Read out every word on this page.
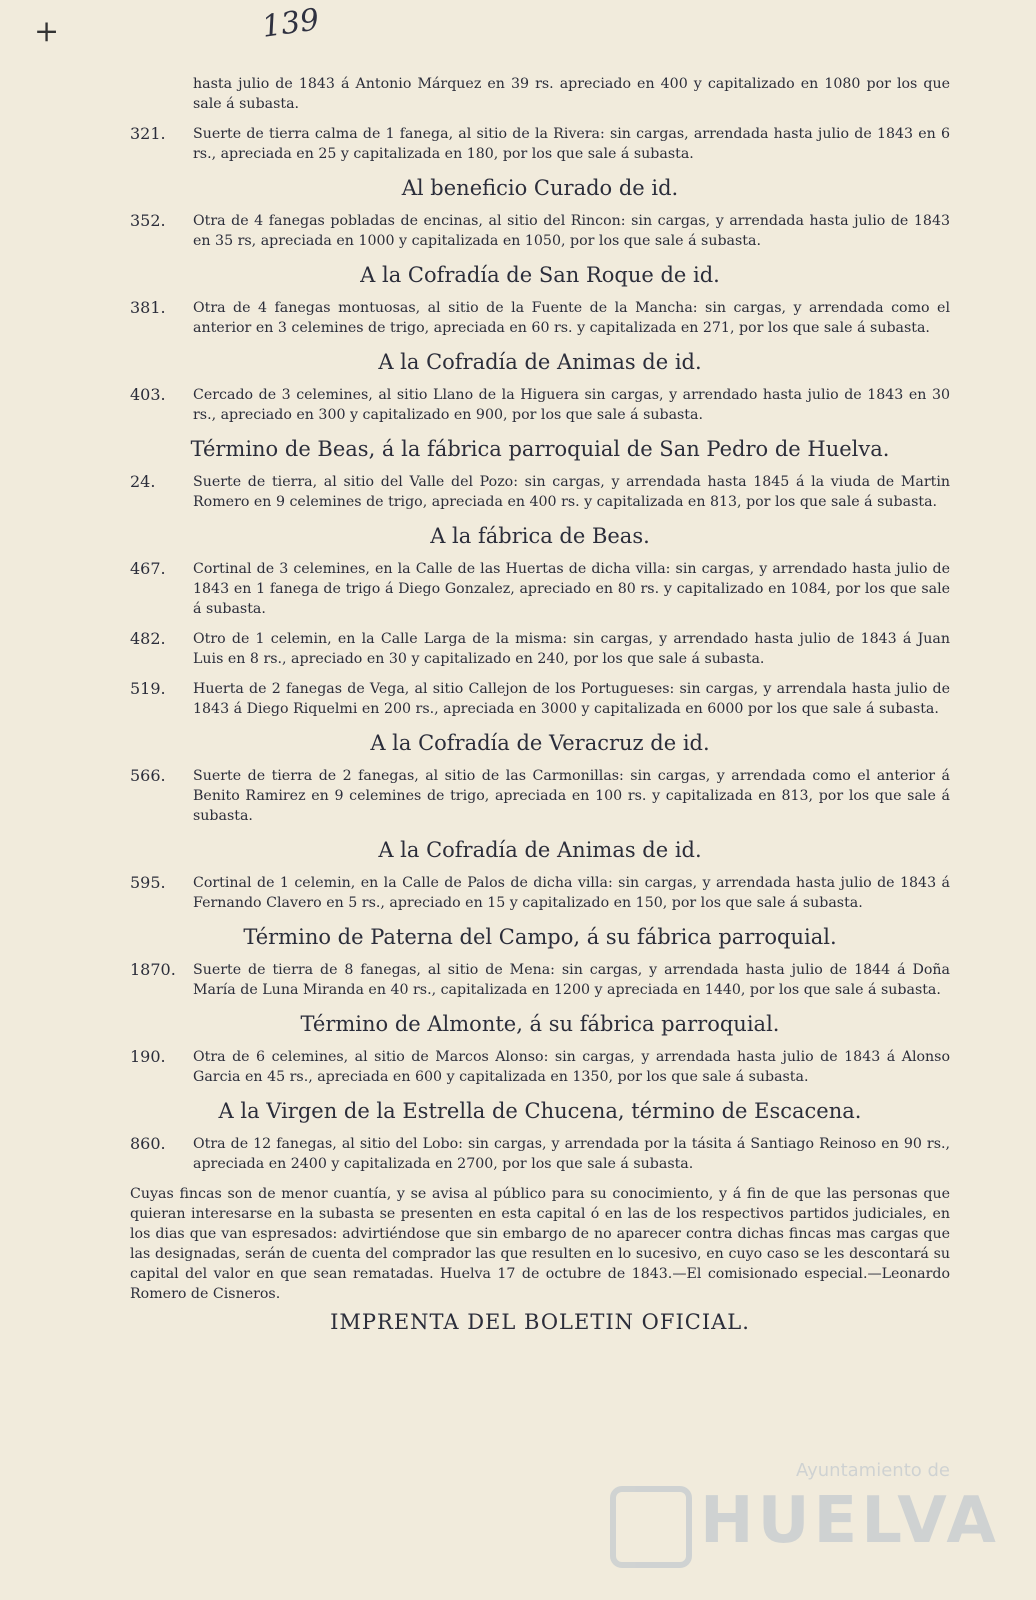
+	139
hasta julio de 1843 á Antonio Márquez en 39 rs. apreciado en 400 y capitalizado en 1080 por los que sale á subasta.
321.	Suerte de tierra calma de 1 fanega, al sitio de la Rivera: sin cargas, arrendada hasta julio de 1843 en 6 rs., apreciada en 25 y capitalizada en 180, por los que sale á subasta.

Al beneficio Curado de id.

352.	Otra de 4 fanegas pobladas de encinas, al sitio del Rincon: sin cargas, y arrendada hasta julio de 1843 en 35 rs, apreciada en 1000 y capitalizada en 1050, por los que sale á subasta.

A la Cofradía de San Roque de id.

381.	Otra de 4 fanegas montuosas, al sitio de la Fuente de la Mancha: sin cargas, y arrendada como el anterior en 3 celemines de trigo, apreciada en 60 rs. y capitalizada en 271, por los que sale á subasta.

A la Cofradía de Animas de id.

403.	Cercado de 3 celemines, al sitio Llano de la Higuera sin cargas, y arrendado hasta julio de 1843 en 30 rs., apreciado en 300 y capitalizado en 900, por los que sale á subasta.

Término de Beas, á la fábrica parroquial de San Pedro de Huelva.

24.	Suerte de tierra, al sitio del Valle del Pozo: sin cargas, y arrendada hasta 1845 á la viuda de Martin Romero en 9 celemines de trigo, apreciada en 400 rs. y capitalizada en 813, por los que sale á subasta.

A la fábrica de Beas.

467.	Cortinal de 3 celemines, en la Calle de las Huertas de dicha villa: sin cargas, y arrendado hasta julio de 1843 en 1 fanega de trigo á Diego Gonzalez, apreciado en 80 rs. y capitalizado en 1084, por los que sale á subasta.
482.	Otro de 1 celemin, en la Calle Larga de la misma: sin cargas, y arrendado hasta julio de 1843 á Juan Luis en 8 rs., apreciado en 30 y capitalizado en 240, por los que sale á subasta.
519.	Huerta de 2 fanegas de Vega, al sitio Callejon de los Portugueses: sin cargas, y arrendala hasta julio de 1843 á Diego Riquelmi en 200 rs., apreciada en 3000 y capitalizada en 6000 por los que sale á subasta.

A la Cofradía de Veracruz de id.

566.	Suerte de tierra de 2 fanegas, al sitio de las Carmonillas: sin cargas, y arrendada como el anterior á Benito Ramirez en 9 celemines de trigo, apreciada en 100 rs. y capitalizada en 813, por los que sale á subasta.

A la Cofradía de Animas de id.

595.	Cortinal de 1 celemin, en la Calle de Palos de dicha villa: sin cargas, y arrendada hasta julio de 1843 á Fernando Clavero en 5 rs., apreciado en 15 y capitalizado en 150, por los que sale á subasta.

Término de Paterna del Campo, á su fábrica parroquial.

1870.	Suerte de tierra de 8 fanegas, al sitio de Mena: sin cargas, y arrendada hasta julio de 1844 á Doña María de Luna Miranda en 40 rs., capitalizada en 1200 y apreciada en 1440, por los que sale á subasta.

Término de Almonte, á su fábrica parroquial.

190.	Otra de 6 celemines, al sitio de Marcos Alonso: sin cargas, y arrendada hasta julio de 1843 á Alonso Garcia en 45 rs., apreciada en 600 y capitalizada en 1350, por los que sale á subasta.

A la Virgen de la Estrella de Chucena, término de Escacena.

860.	Otra de 12 fanegas, al sitio del Lobo: sin cargas, y arrendada por la tásita á Santiago Reinoso en 90 rs., apreciada en 2400 y capitalizada en 2700, por los que sale á subasta.

Cuyas fincas son de menor cuantía, y se avisa al público para su conocimiento, y á fin de que las personas que quieran interesarse en la subasta se presenten en esta capital ó en las de los respectivos partidos judiciales, en los dias que van espresados: advirtiéndose que sin embargo de no aparecer contra dichas fincas mas cargas que las designadas, serán de cuenta del comprador las que resulten en lo sucesivo, en cuyo caso se les descontará su capital del valor en que sean rematadas. Huelva 17 de octubre de 1843.—El comisionado especial.—Leonardo Romero de Cisneros.

IMPRENTA DEL BOLETIN OFICIAL.

Ayuntamiento de
HUELVA
